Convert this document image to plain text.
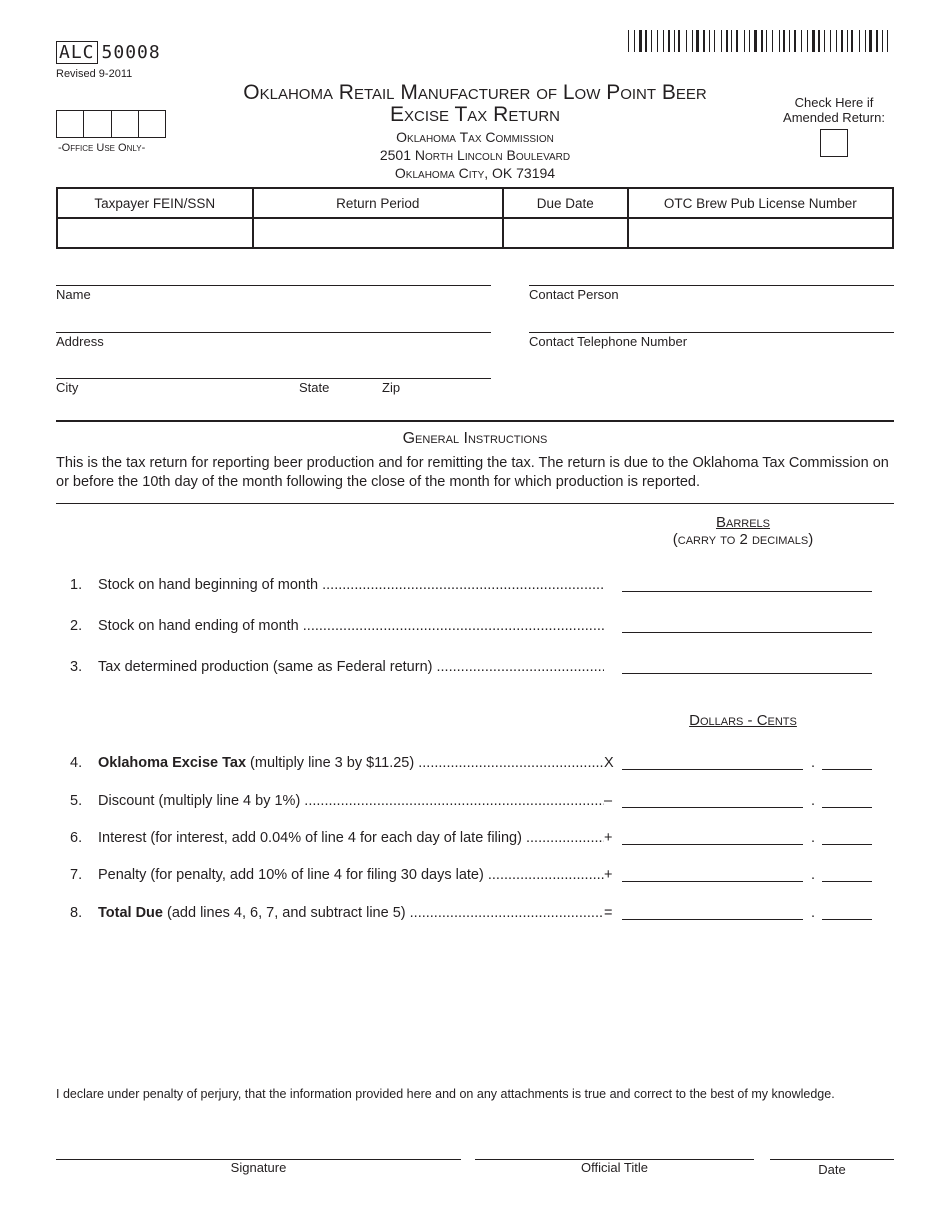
ALC 50008
Revised 9-2011
-Office Use Only-
Oklahoma Retail Manufacturer of Low Point Beer
Excise Tax Return
Oklahoma Tax Commission
2501 North Lincoln Boulevard
Oklahoma City, OK 73194
Check Here if
Amended Return:
Taxpayer FEIN/SSN	Return Period	Due Date	OTC Brew Pub License Number

Name	Contact Person
Address	Contact Telephone Number
City	State	Zip
General Instructions
This is the tax return for reporting beer production and for remitting the tax. The return is due to the Oklahoma Tax Commission on or before the 10th day of the month following the close of the month for which production is reported.
Barrels
(carry to 2 decimals)
1. Stock on hand beginning of month .....
2. Stock on hand ending of month .....
3. Tax determined production (same as Federal return) .....
Dollars - Cents
4. Oklahoma Excise Tax (multiply line 3 by $11.25) .....	X	.
5. Discount (multiply line 4 by 1%) .....	–	.
6. Interest (for interest, add 0.04% of line 4 for each day of late filing) .....	+	.
7. Penalty (for penalty, add 10% of line 4 for filing 30 days late) .....	+	.
8. Total Due (add lines 4, 6, 7, and subtract line 5) .....	=	.
I declare under penalty of perjury, that the information provided here and on any attachments is true and correct to the best of my knowledge.
Signature	Official Title	Date
